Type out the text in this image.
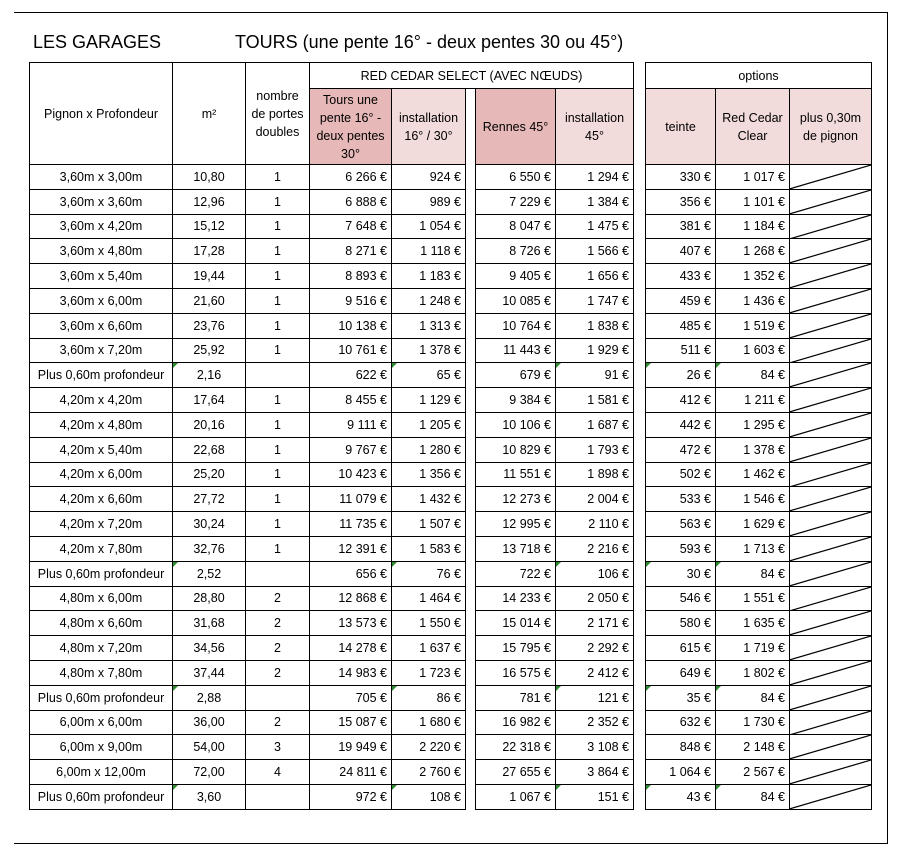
LES GARAGES	TOURS (une pente 16° - deux pentes 30 ou 45°)
Pignon x Profondeur	m²	nombre de portes doubles	RED CEDAR SELECT (AVEC NŒUDS)						options		
			Tours une pente 16° - deux pentes 30°	installation 16° / 30°		Rennes 45°	installation 45°		teinte	Red Cedar Clear	plus 0,30m de pignon
3,60m x 3,00m	10,80	1	6 266 €	924 €		6 550 €	1 294 €		330 €	1 017 €	

3,60m x 3,60m	12,96	1	6 888 €	989 €		7 229 €	1 384 €		356 €	1 101 €	

3,60m x 4,20m	15,12	1	7 648 €	1 054 €		8 047 €	1 475 €		381 €	1 184 €	

3,60m x 4,80m	17,28	1	8 271 €	1 118 €		8 726 €	1 566 €		407 €	1 268 €	

3,60m x 5,40m	19,44	1	8 893 €	1 183 €		9 405 €	1 656 €		433 €	1 352 €	

3,60m x 6,00m	21,60	1	9 516 €	1 248 €		10 085 €	1 747 €		459 €	1 436 €	

3,60m x 6,60m	23,76	1	10 138 €	1 313 €		10 764 €	1 838 €		485 €	1 519 €	

3,60m x 7,20m	25,92	1	10 761 €	1 378 €		11 443 €	1 929 €		511 €	1 603 €	

Plus 0,60m profondeur	2,16		622 €	65 €		679 €	91 €		26 €	84 €	

4,20m x 4,20m	17,64	1	8 455 €	1 129 €		9 384 €	1 581 €		412 €	1 211 €	

4,20m x 4,80m	20,16	1	9 111 €	1 205 €		10 106 €	1 687 €		442 €	1 295 €	

4,20m x 5,40m	22,68	1	9 767 €	1 280 €		10 829 €	1 793 €		472 €	1 378 €	

4,20m x 6,00m	25,20	1	10 423 €	1 356 €		11 551 €	1 898 €		502 €	1 462 €	

4,20m x 6,60m	27,72	1	11 079 €	1 432 €		12 273 €	2 004 €		533 €	1 546 €	

4,20m x 7,20m	30,24	1	11 735 €	1 507 €		12 995 €	2 110 €		563 €	1 629 €	

4,20m x 7,80m	32,76	1	12 391 €	1 583 €		13 718 €	2 216 €		593 €	1 713 €	

Plus 0,60m profondeur	2,52		656 €	76 €		722 €	106 €		30 €	84 €	

4,80m x 6,00m	28,80	2	12 868 €	1 464 €		14 233 €	2 050 €		546 €	1 551 €	

4,80m x 6,60m	31,68	2	13 573 €	1 550 €		15 014 €	2 171 €		580 €	1 635 €	

4,80m x 7,20m	34,56	2	14 278 €	1 637 €		15 795 €	2 292 €		615 €	1 719 €	

4,80m x 7,80m	37,44	2	14 983 €	1 723 €		16 575 €	2 412 €		649 €	1 802 €	

Plus 0,60m profondeur	2,88		705 €	86 €		781 €	121 €		35 €	84 €	

6,00m x 6,00m	36,00	2	15 087 €	1 680 €		16 982 €	2 352 €		632 €	1 730 €	

6,00m x 9,00m	54,00	3	19 949 €	2 220 €		22 318 €	3 108 €		848 €	2 148 €	

6,00m x 12,00m	72,00	4	24 811 €	2 760 €		27 655 €	3 864 €		1 064 €	2 567 €	

Plus 0,60m profondeur	3,60		972 €	108 €		1 067 €	151 €		43 €	84 €	
